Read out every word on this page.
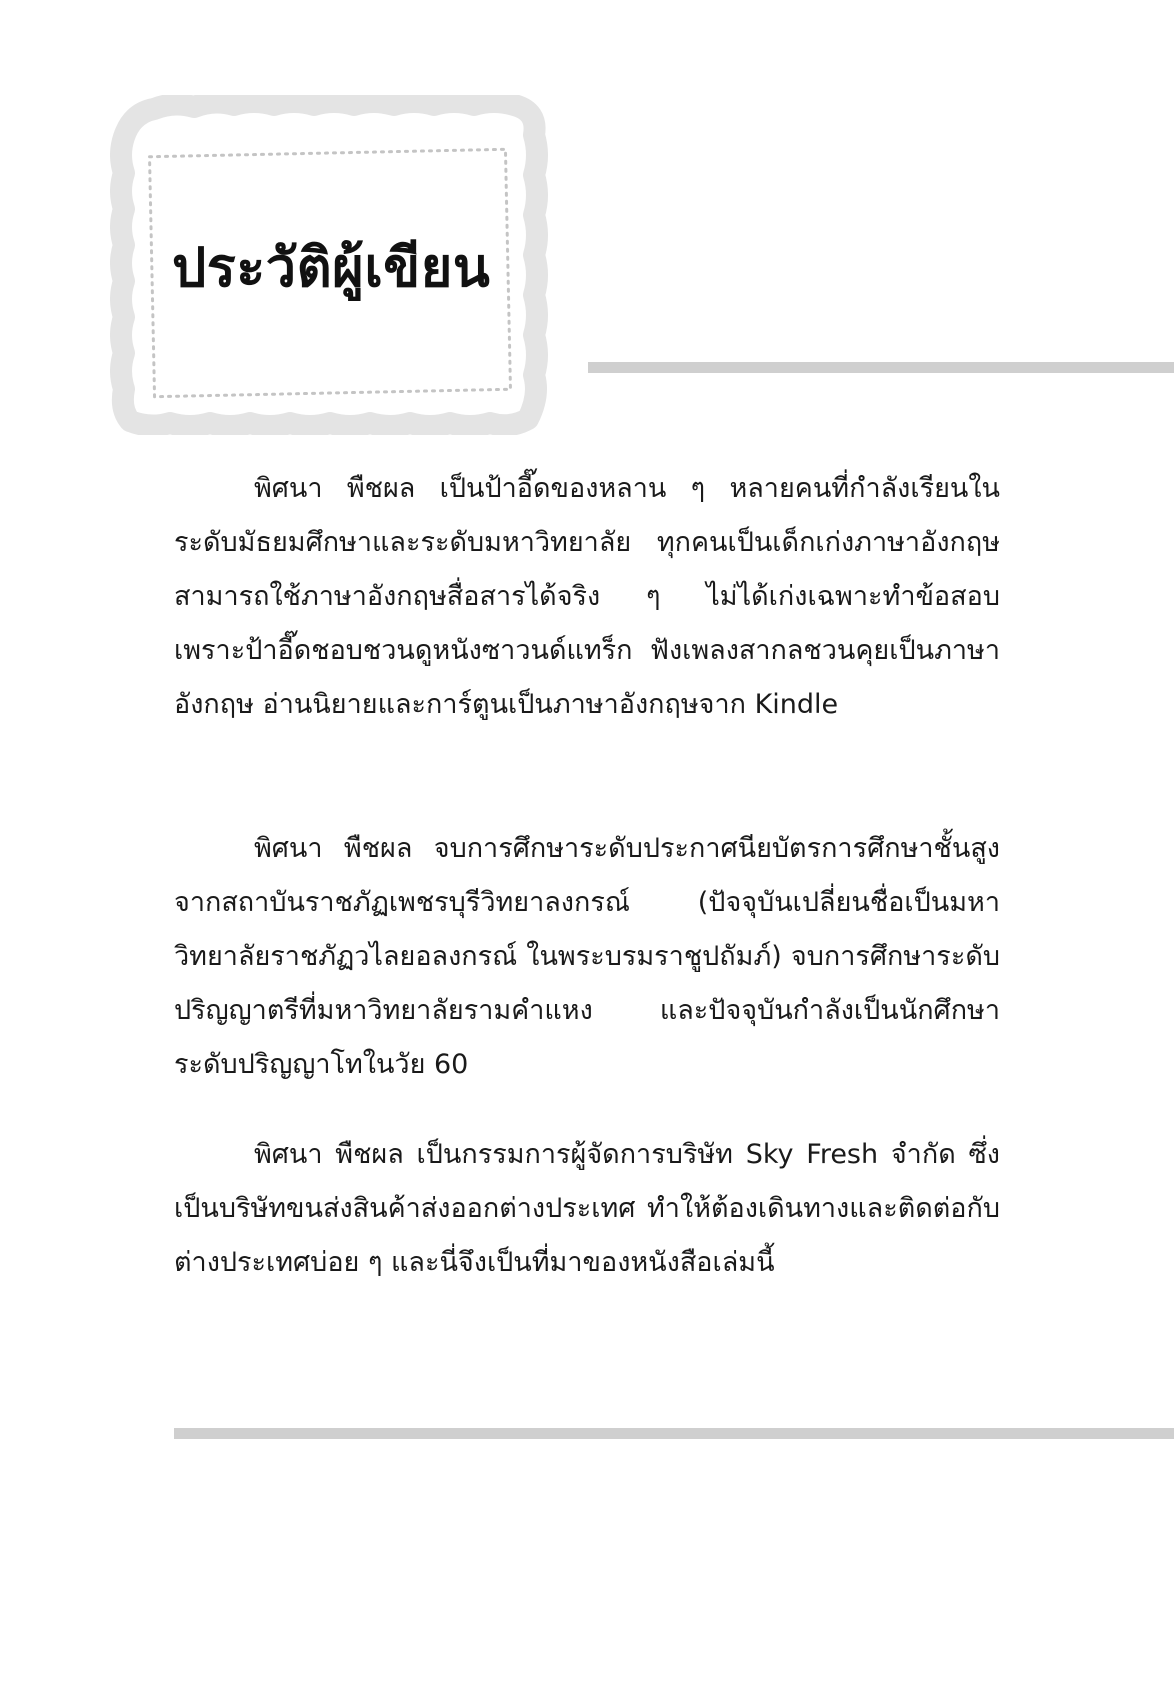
ประวัติผู้เขียน

พิศนา พืชผล เป็นป้าอี๊ดของหลาน ๆ หลายคนที่กำลังเรียนในระดับมัธยมศึกษาและระดับมหาวิทยาลัย ทุกคนเป็นเด็กเก่งภาษาอังกฤษ สามารถใช้ภาษาอังกฤษสื่อสารได้จริง ๆ ไม่ได้เก่งเฉพาะทำข้อสอบ เพราะป้าอี๊ดชอบชวนดูหนังซาวนด์แทร็ก ฟังเพลงสากลชวนคุยเป็นภาษาอังกฤษ อ่านนิยายและการ์ตูนเป็นภาษาอังกฤษจาก Kindle

พิศนา พืชผล จบการศึกษาระดับประกาศนียบัตรการศึกษาชั้นสูง จากสถาบันราชภัฏเพชรบุรีวิทยาลงกรณ์ (ปัจจุบันเปลี่ยนชื่อเป็นมหาวิทยาลัยราชภัฏวไลยอลงกรณ์ ในพระบรมราชูปถัมภ์) จบการศึกษาระดับปริญญาตรีที่มหาวิทยาลัยรามคำแหง และปัจจุบันกำลังเป็นนักศึกษาระดับปริญญาโทในวัย 60

พิศนา พืชผล เป็นกรรมการผู้จัดการบริษัท Sky Fresh จำกัด ซึ่งเป็นบริษัทขนส่งสินค้าส่งออกต่างประเทศ ทำให้ต้องเดินทางและติดต่อกับต่างประเทศบ่อย ๆ และนี่จึงเป็นที่มาของหนังสือเล่มนี้
